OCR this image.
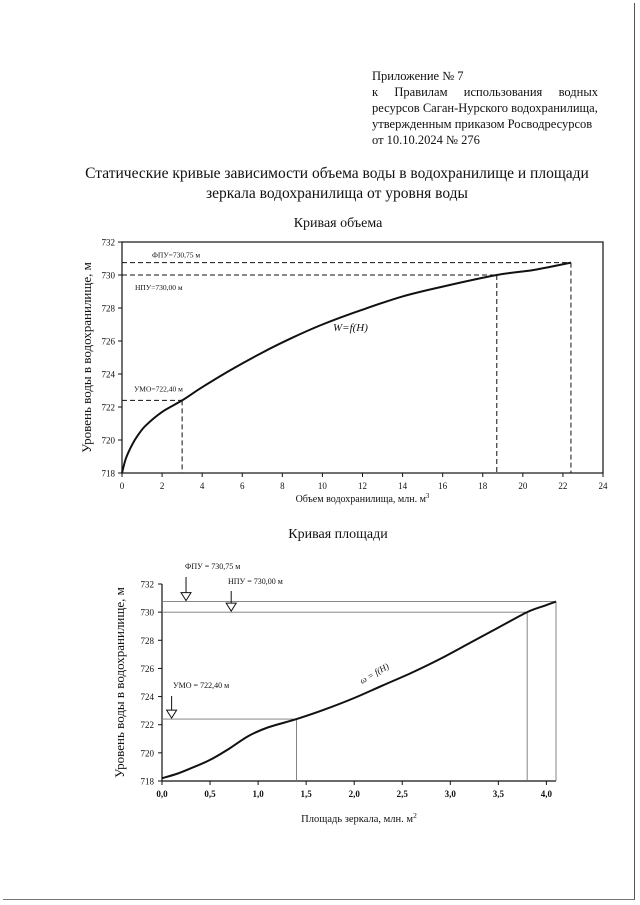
Приложение № 7
к Правилам использования водных
ресурсов Саган-Нурского водохранилища,
утвержденным приказом Росводресурсов
от 10.10.2024 № 276
Статические кривые зависимости объема воды в водохранилище и площади
зеркала водохранилища от уровня воды
Кривая объема
Кривая площади
0	2	4	6	8	10	12	14	16	18	20	22	24
718
720
722
724
726
728
730
732
Объем водохранилища, млн. $м^3$
Уровень воды в водохранилище, м
ФПУ=730,75 м
НПУ=730,00 м
УМО=722,40 м
W=f(H)
0,0	0,5	1,0	1,5	2,0	2,5	3,0	3,5	4,0
718
720
722
724
726
728
730
732
Площадь зеркала, млн. $м^2$
Уровень воды в водохранилище, м
ФПУ = 730,75 м
НПУ = 730,00 м
УМО = 722,40 м	ω = f(H)
